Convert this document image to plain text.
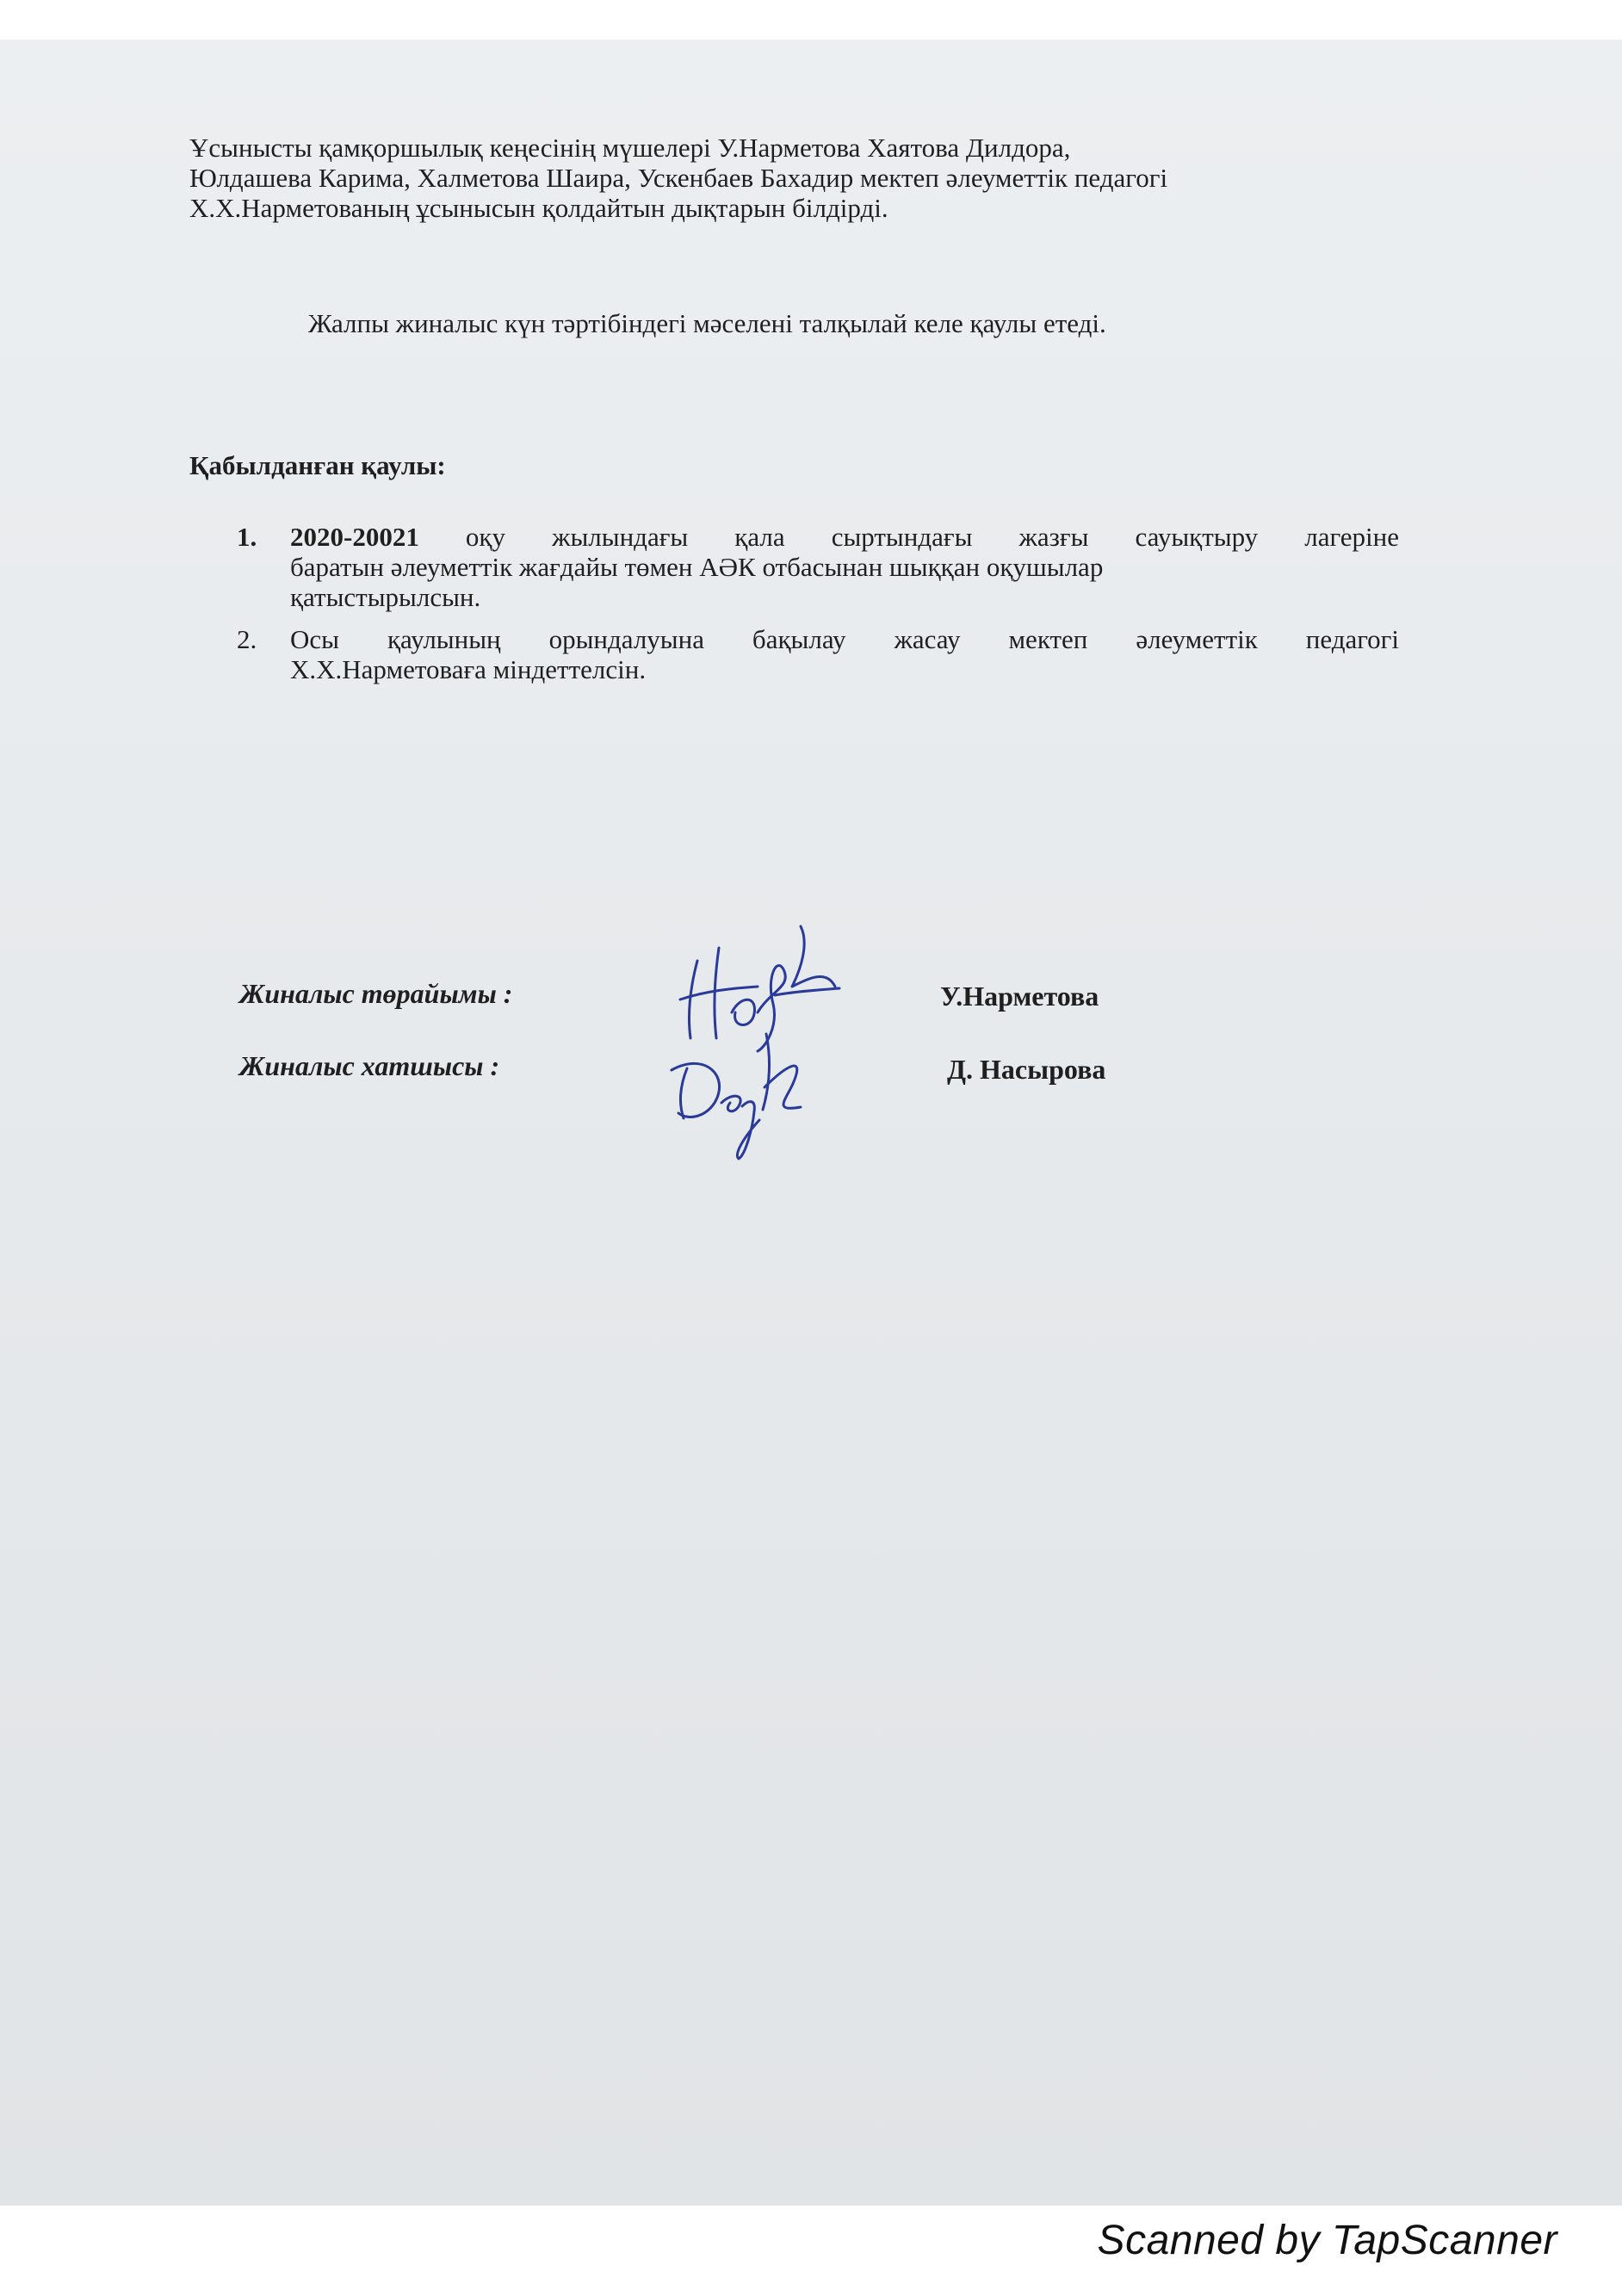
Ұсынысты қамқоршылық кеңесінің мүшелері У.Нарметова Хаятова Дилдора,
Юлдашева Карима, Халметова Шаира, Ускенбаев Бахадир мектеп әлеуметтік педагогі
Х.Х.Нарметованың ұсынысын қолдайтын дықтарын білдірді.
Жалпы жиналыс күн тәртібіндегі мәселені талқылай келе қаулы етеді.
Қабылданған қаулы:
1. 2020-20021 оқу жылындағы қала сыртындағы жазғы сауықтыру лагеріне
баратын әлеуметтік жағдайы төмен АӘК отбасынан шыққан оқушылар
қатыстырылсын.
2. Осы қаулының орындалуына бақылау жасау мектеп әлеуметтік педагогі
Х.Х.Нарметоваға міндеттелсін.
Жиналыс төрайымы :	У.Нарметова
Жиналыс хатшысы :	Д. Насырова
Scanned by TapScanner
